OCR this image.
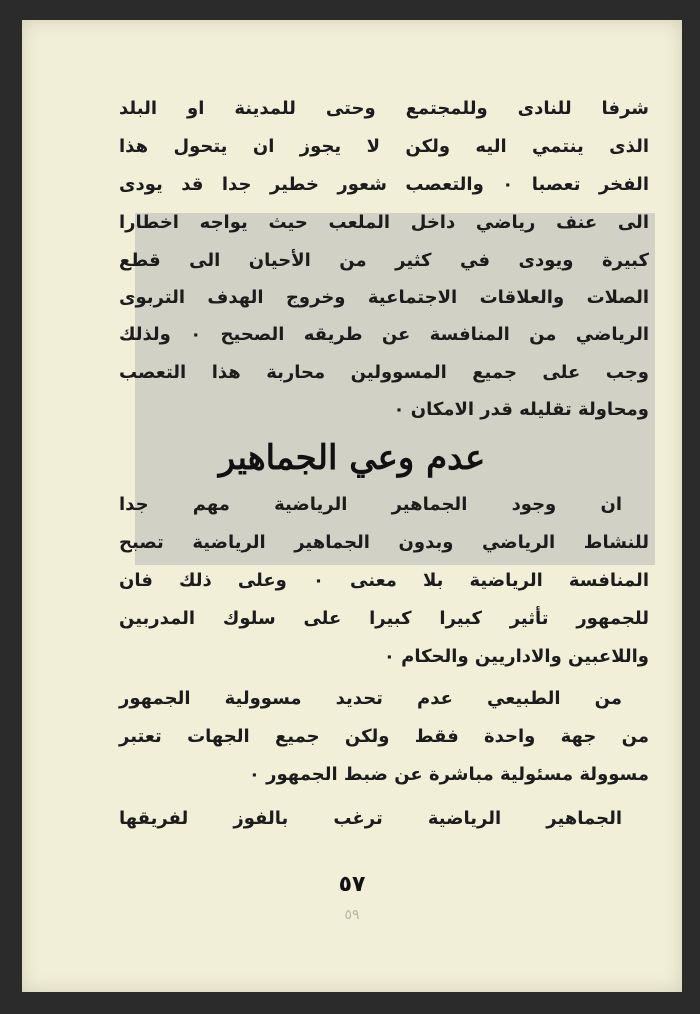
شرفا للنادى وللمجتمع وحتى للمدينة او البلد
الذى ينتمي اليه ولكن لا يجوز ان يتحول هذا
الفخر تعصبا ٠ والتعصب شعور خطير جدا قد يودى
الى عنف رياضي داخل الملعب حيث يواجه اخطارا
كبيرة ويودى في كثير من الأحيان الى قطع
الصلات والعلاقات الاجتماعية وخروج الهدف التربوى
الرياضي من المنافسة عن طريقه الصحيح ٠ ولذلك
وجب على جميع المسوولين محاربة هذا التعصب
ومحاولة تقليله قدر الامكان ٠
عدم وعي الجماهير
ان وجود الجماهير الرياضية مهم جدا
للنشاط الرياضي وبدون الجماهير الرياضية تصبح
المنافسة الرياضية بلا معنى ٠ وعلى ذلك فان
للجمهور تأثير كبيرا كبيرا على سلوك المدربين
واللاعبين والاداريين والحكام ٠
من الطبيعي عدم تحديد مسوولية الجمهور
من جهة واحدة فقط ولكن جميع الجهات تعتبر
مسوولة مسئولية مباشرة عن ضبط الجمهور ٠
الجماهير الرياضية ترغب بالفوز لفريقها
٥٧
٥٩
